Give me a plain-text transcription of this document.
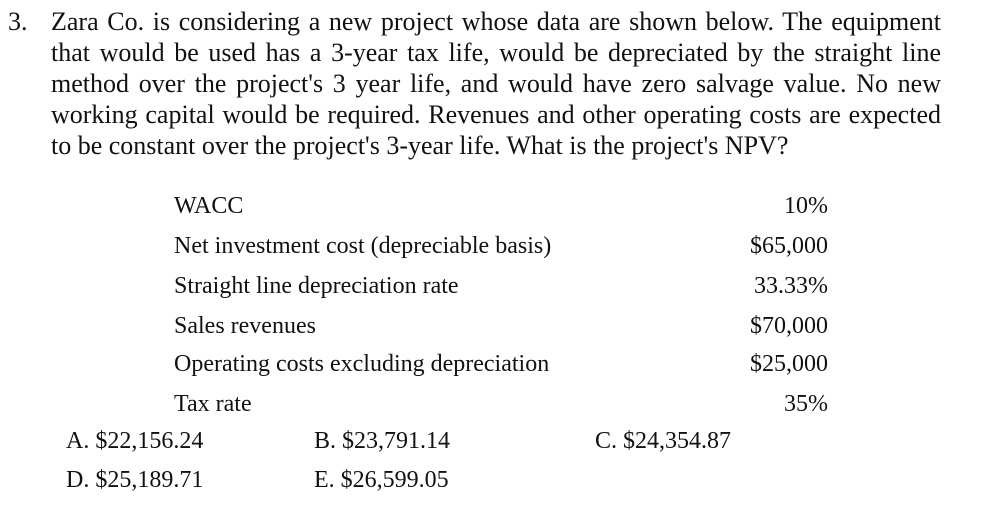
3. Zara Co. is considering a new project whose data are shown below. The equipment that would be used has a 3-year tax life, would be depreciated by the straight line method over the project's 3 year life, and would have zero salvage value. No new working capital would be required. Revenues and other operating costs are expected to be constant over the project's 3-year life. What is the project's NPV?
WACC	10%
Net investment cost (depreciable basis)	$65,000
Straight line depreciation rate	33.33%
Sales revenues	$70,000
Operating costs excluding depreciation	$25,000
Tax rate	35%
A. $22,156.24	B. $23,791.14	C. $24,354.87
D. $25,189.71	E. $26,599.05
